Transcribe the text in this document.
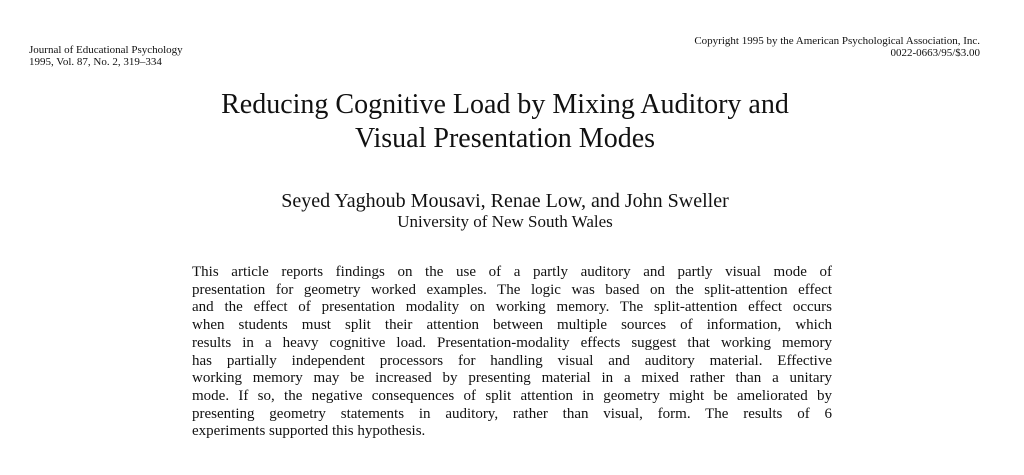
Journal of Educational Psychology
1995, Vol. 87, No. 2, 319–334
Copyright 1995 by the American Psychological Association, Inc.
0022-0663/95/$3.00
Reducing Cognitive Load by Mixing Auditory and
Visual Presentation Modes
Seyed Yaghoub Mousavi, Renae Low, and John Sweller
University of New South Wales
This article reports findings on the use of a partly auditory and partly visual mode of
presentation for geometry worked examples. The logic was based on the split-attention effect
and the effect of presentation modality on working memory. The split-attention effect occurs
when students must split their attention between multiple sources of information, which
results in a heavy cognitive load. Presentation-modality effects suggest that working memory
has partially independent processors for handling visual and auditory material. Effective
working memory may be increased by presenting material in a mixed rather than a unitary
mode. If so, the negative consequences of split attention in geometry might be ameliorated by
presenting geometry statements in auditory, rather than visual, form. The results of 6
experiments supported this hypothesis.
